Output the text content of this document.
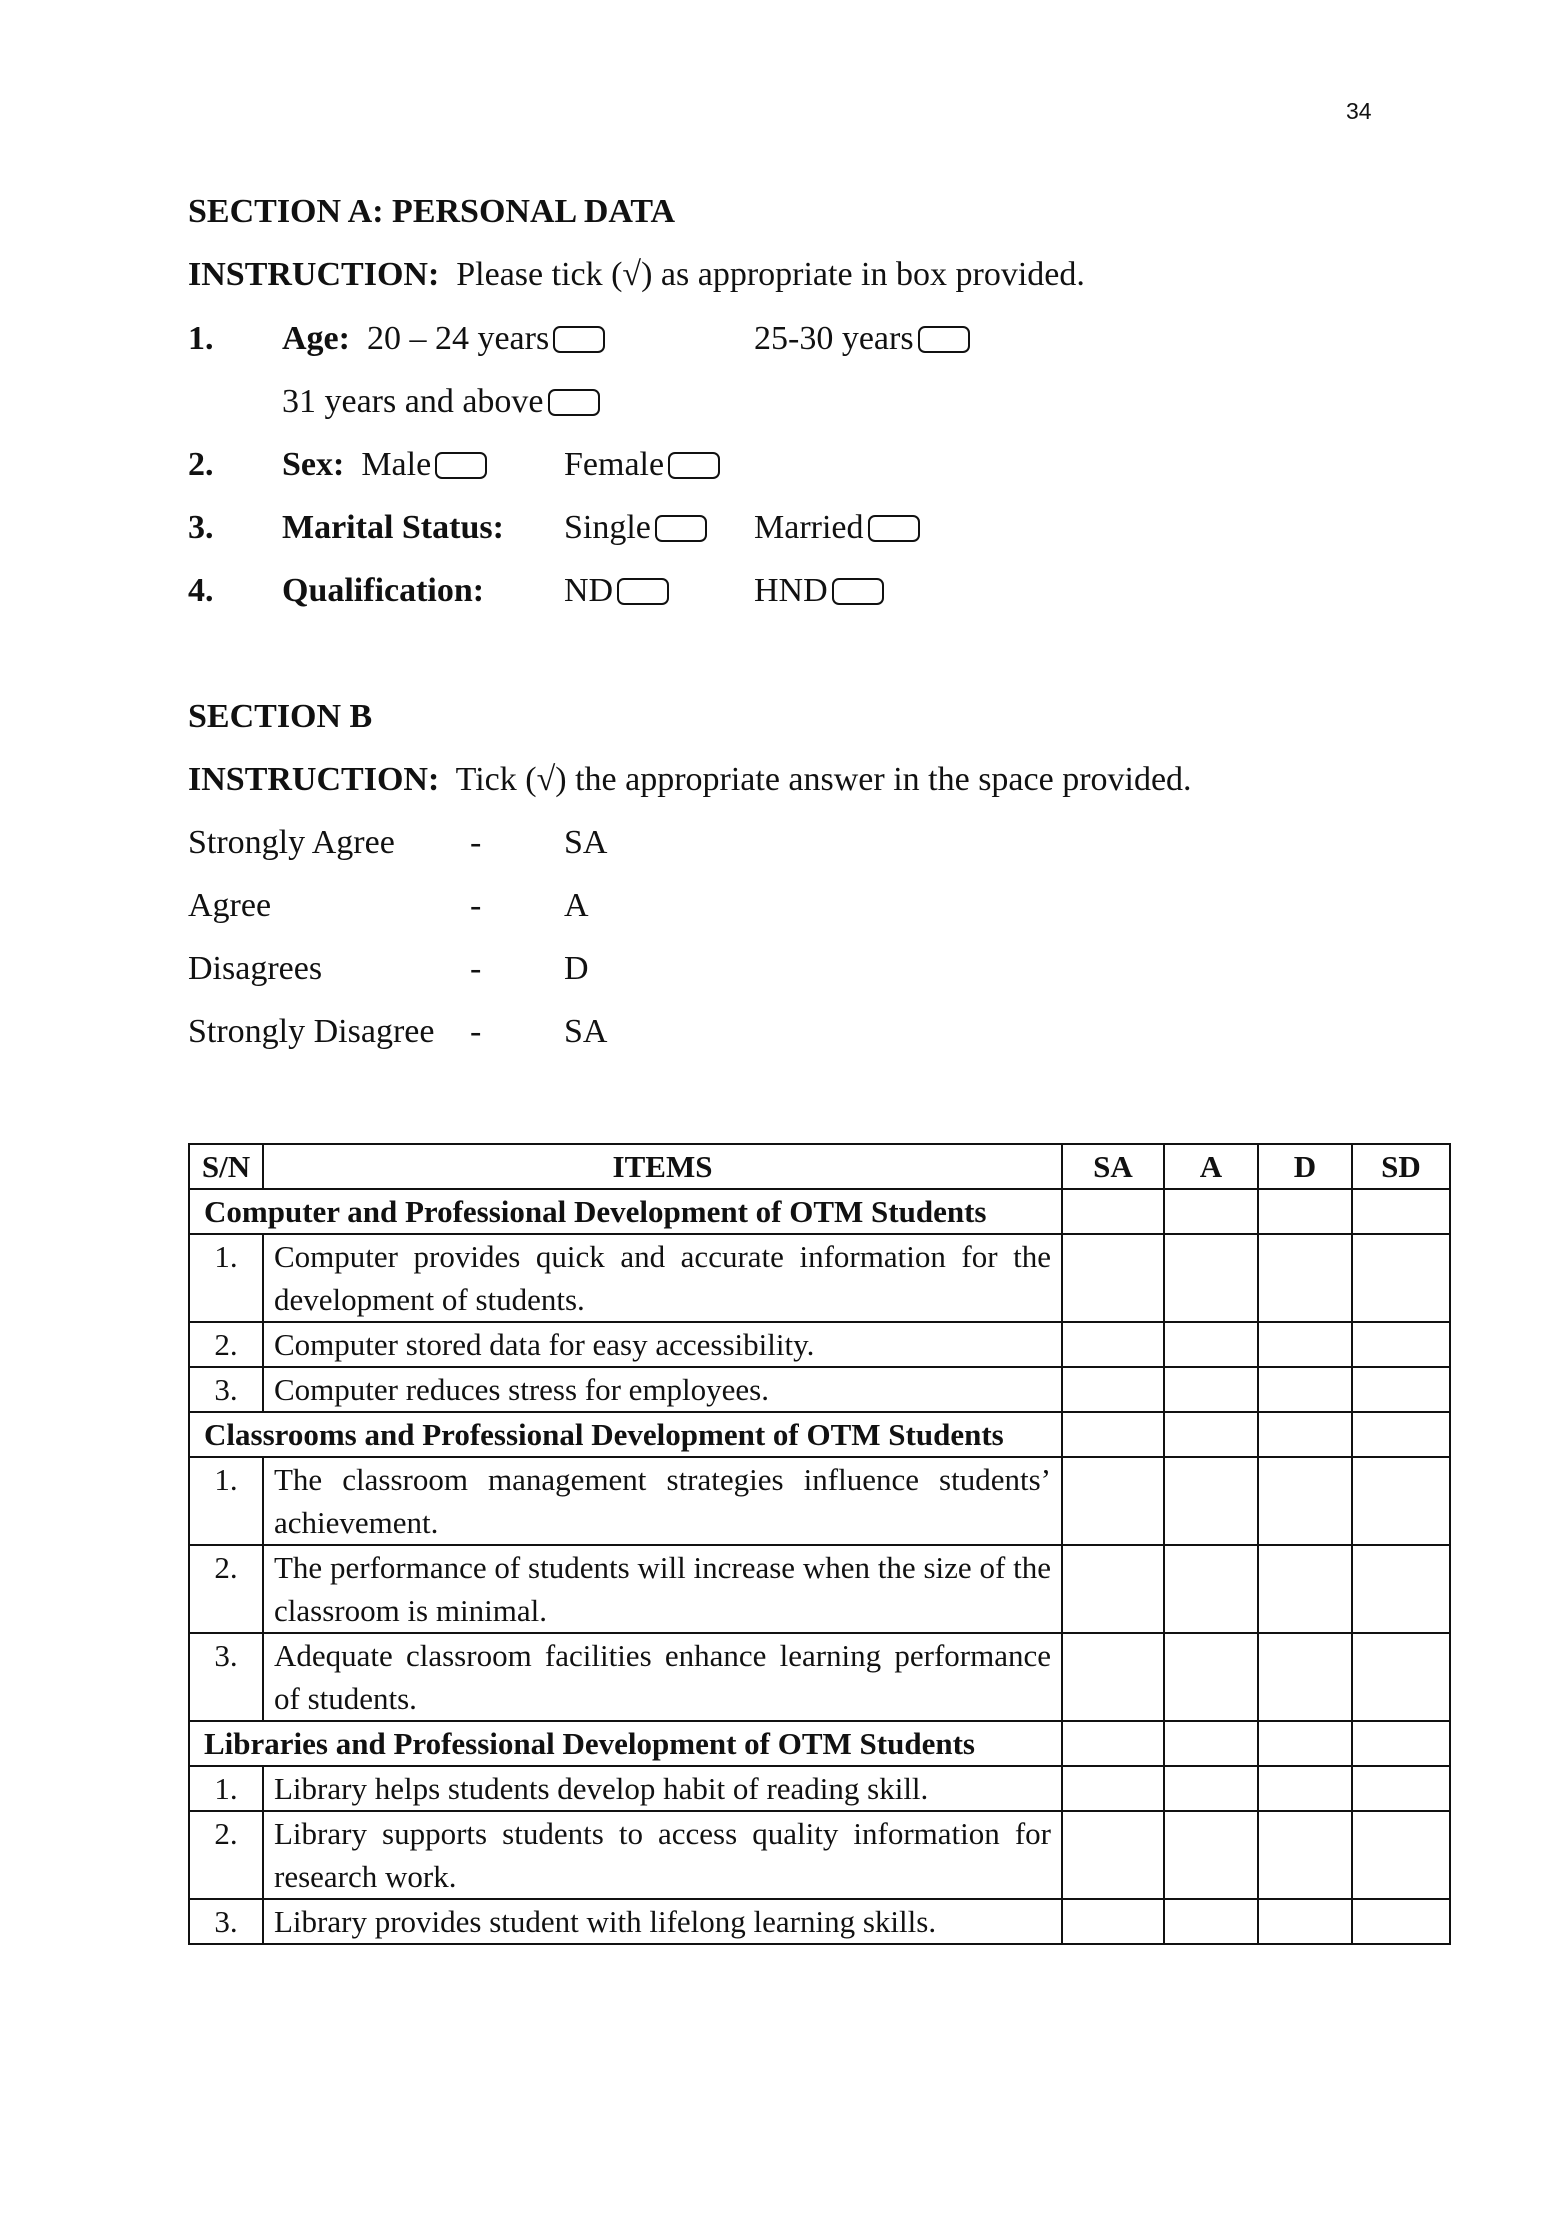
34
SECTION A: PERSONAL DATA
INSTRUCTION: Please tick (√) as appropriate in box provided.
1. Age: 20 – 24 years	25-30 years
31 years and above
2. Sex: Male	Female
3. Marital Status: Single	Married
4. Qualification: ND	HND
SECTION B
INSTRUCTION: Tick (√) the appropriate answer in the space provided.
Strongly Agree - SA
Agree	- A
Disagrees	- D
Strongly Disagree - SA
S/N	ITEMS	SA	A	D	SD
Computer and Professional Development of OTM Students					
1.	Computer provides quick and accurate information for the development of students.				
2.	Computer stored data for easy accessibility.				
3.	Computer reduces stress for employees.				
Classrooms and Professional Development of OTM Students					
1.	The classroom management strategies influence students’ achievement.				
2.	The performance of students will increase when the size of the classroom is minimal.				
3.	Adequate classroom facilities enhance learning performance of students.				
Libraries and Professional Development of OTM Students					
1.	Library helps students develop habit of reading skill.				
2.	Library supports students to access quality information for research work.				
3.	Library provides student with lifelong learning skills.				
